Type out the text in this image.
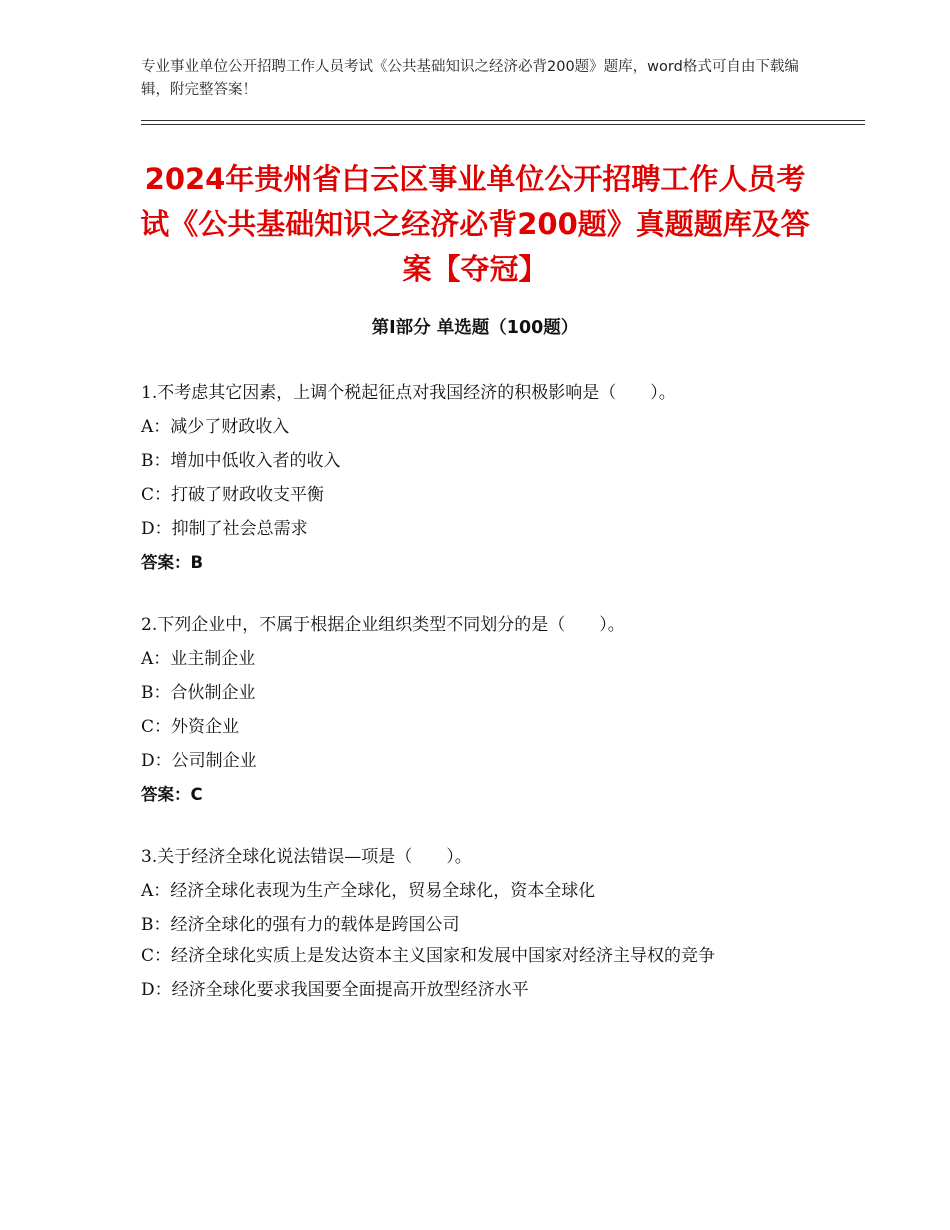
专业事业单位公开招聘工作人员考试《公共基础知识之经济必背200题》题库，word格式可自由下载编辑，附完整答案！
2024年贵州省白云区事业单位公开招聘工作人员考试《公共基础知识之经济必背200题》真题题库及答案【夺冠】
第Ⅰ部分 单选题（100题）

1.不考虑其它因素，上调个税起征点对我国经济的积极影响是（　　）。

A：减少了财政收入

B：增加中低收入者的收入

C：打破了财政收支平衡

D：抑制了社会总需求

答案：B

2.下列企业中，不属于根据企业组织类型不同划分的是（　　）。

A：业主制企业

B：合伙制企业

C：外资企业

D：公司制企业

答案：C

3.关于经济全球化说法错误—项是（　　）。

A：经济全球化表现为生产全球化，贸易全球化，资本全球化

B：经济全球化的强有力的载体是跨国公司

C：经济全球化实质上是发达资本主义国家和发展中国家对经济主导权的竞争

D：经济全球化要求我国要全面提高开放型经济水平
